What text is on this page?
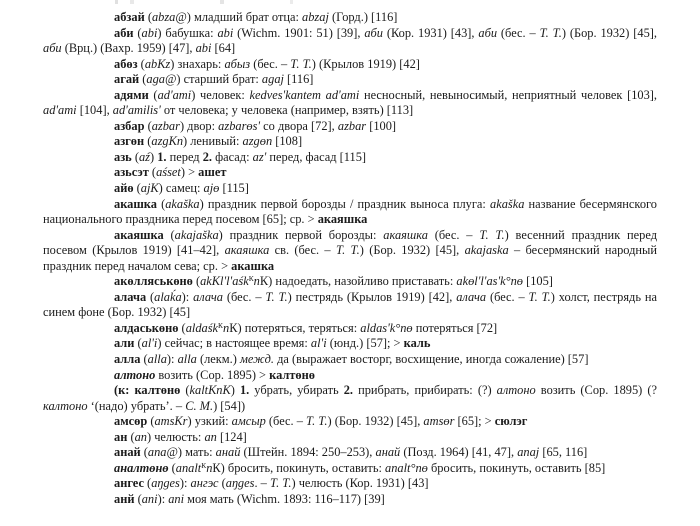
абзай (abza@) младший брат отца: abzaj (Горд.) [116]

аби (abi) бабушка: abi (Wichm. 1901: 51) [39], аби (Кор. 1931) [43], аби (бес. – Т. Т.) (Бор. 1932) [45], аби (Врц.) (Вахр. 1959) [47], abi [64]

абөз (abКz) знахарь: абыз (бес. – Т. Т.) (Крылов 1919) [42]

агай (aga@) старший брат: agaj [116]

адями (ad'ami) человек: kedves'kantem ad'ami несносный, невыносимый, неприятный человек [103], ad'ami [104], ad'amilis' от человека; у человека (например, взять) [113]

азбар (azbar) двор: azbarөs' со двора [72], azbar [100]

азгөн (azgКn) ленивый: azgөn [108]

азь (aź) 1. перед 2. фасад: az' перед, фасад [115]

азьсэт (aśset) > ашет

айө (ajК) самец: ajө [115]

акашка (akaška) праздник первой борозды / праздник выноса плуга: akaška название бесермянского национального праздника перед посевом [65]; ср. > акаяшка

акаяшка (akajaška) праздник первой борозды: акаяшка (бес. – Т. Т.) весенний праздник перед посевом (Крылов 1919) [41–42], акаяшка св. (бес. – Т. Т.) (Бор. 1932) [45], akajaska – бесермянский народный праздник перед началом сева; ср. > акашка

акөлляськөнө (akКl'l'aśk$^К$nК) надоедать, назойливо приставать: akөl'l'as'k°nө [105]

алача (alaḱa): алача (бес. – Т. Т.) пестрядь (Крылов 1919) [42], алача (бес. – Т. Т.) холст, пестрядь на синем фоне (Бор. 1932) [45]

алдаськөнө (aldaśk$^К$nК) потеряться, теряться: aldas'k°nө потеряться [72]

али (al'i) сейчас; в настоящее время: al'i (юнд.) [57]; > каль

алла (alla): alla (лекм.) межд. да (выражает восторг, восхищение, иногда сожаление) [57]

алтоно возить (Сор. 1895) > калтөнө

(к: калтөнө (kaltКnК) 1. убрать, убирать 2. прибрать, прибирать: (?) алтоно возить (Сор. 1895) (? калтоно ‘(надо) убрать’. – С. М.) [54])

амсөр (amsКr) узкий: амсыр (бес. – Т. Т.) (Бор. 1932) [45], amsөr [65]; > сюлэг

ан (an) челюсть: an [124]

анай (ana@) мать: анай (Штейн. 1894: 250–253), анай (Позд. 1964) [41, 47], anaj [65, 116]

аналтөнө (analt$^К$nК) бросить, покинуть, оставить: analt°nө бросить, покинуть, оставить [85]

ангес (aŋges): ангэс (aŋges. – Т. Т.) челюсть (Кор. 1931) [43]

анй (ani): ani моя мать (Wichm. 1893: 116–117) [39]
